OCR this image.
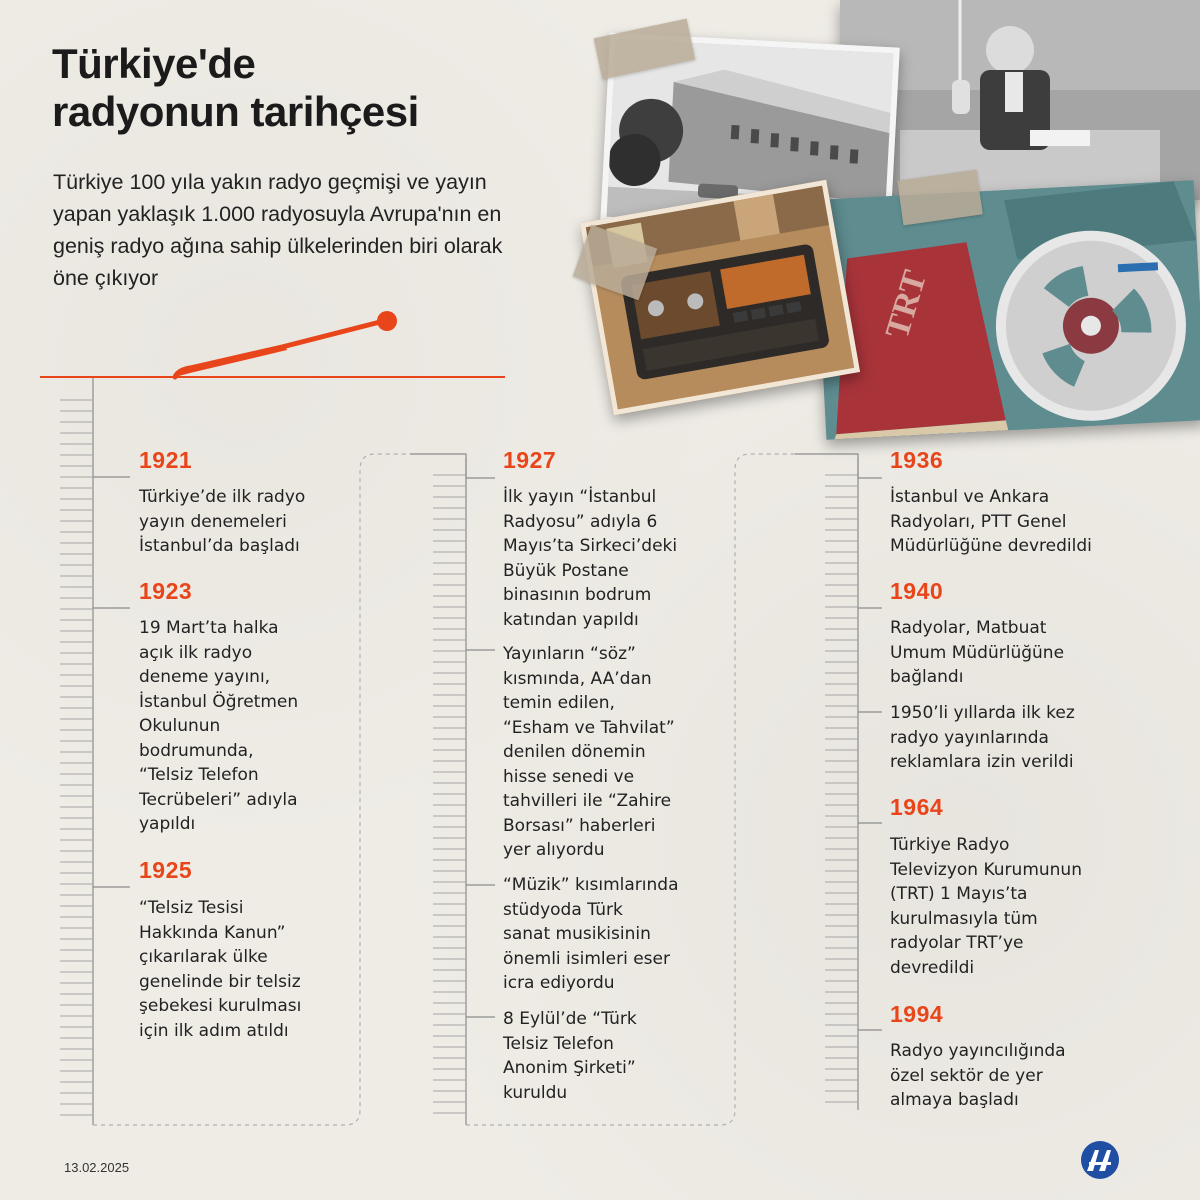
Türkiye'de
radyonun tarihçesi

Türkiye 100 yıla yakın radyo geçmişi ve yayın yapan yaklaşık 1.000 radyosuyla Avrupa'nın en geniş radyo ağına sahip ülkelerinden biri olarak öne çıkıyor	TRT
1921
Türkiye’de ilk radyo
yayın denemeleri
İstanbul’da başladı
1923
19 Mart’ta halka
açık ilk radyo
deneme yayını,
İstanbul Öğretmen
Okulunun
bodrumunda,
“Telsiz Telefon
Tecrübeleri” adıyla
yapıldı
1925
“Telsiz Tesisi
Hakkında Kanun”
çıkarılarak ülke
genelinde bir telsiz
şebekesi kurulması
için ilk adım atıldı
1927
İlk yayın “İstanbul
Radyosu” adıyla 6
Mayıs’ta Sirkeci’deki
Büyük Postane
binasının bodrum
katından yapıldı
Yayınların “söz”
kısmında, AA’dan
temin edilen,
“Esham ve Tahvilat”
denilen dönemin
hisse senedi ve
tahvilleri ile “Zahire
Borsası” haberleri
yer alıyordu
“Müzik” kısımlarında
stüdyoda Türk
sanat musikisinin
önemli isimleri eser
icra ediyordu
8 Eylül’de “Türk
Telsiz Telefon
Anonim Şirketi”
kuruldu
1936
İstanbul ve Ankara
Radyoları, PTT Genel
Müdürlüğüne devredildi
1940
Radyolar, Matbuat
Umum Müdürlüğüne
bağlandı
1950’li yıllarda ilk kez
radyo yayınlarında
reklamlara izin verildi
1964
Türkiye Radyo
Televizyon Kurumunun
(TRT) 1 Mayıs’ta
kurulmasıyla tüm
radyolar TRT’ye
devredildi
1994
Radyo yayıncılığında
özel sektör de yer
almaya başladı
13.02.2025
